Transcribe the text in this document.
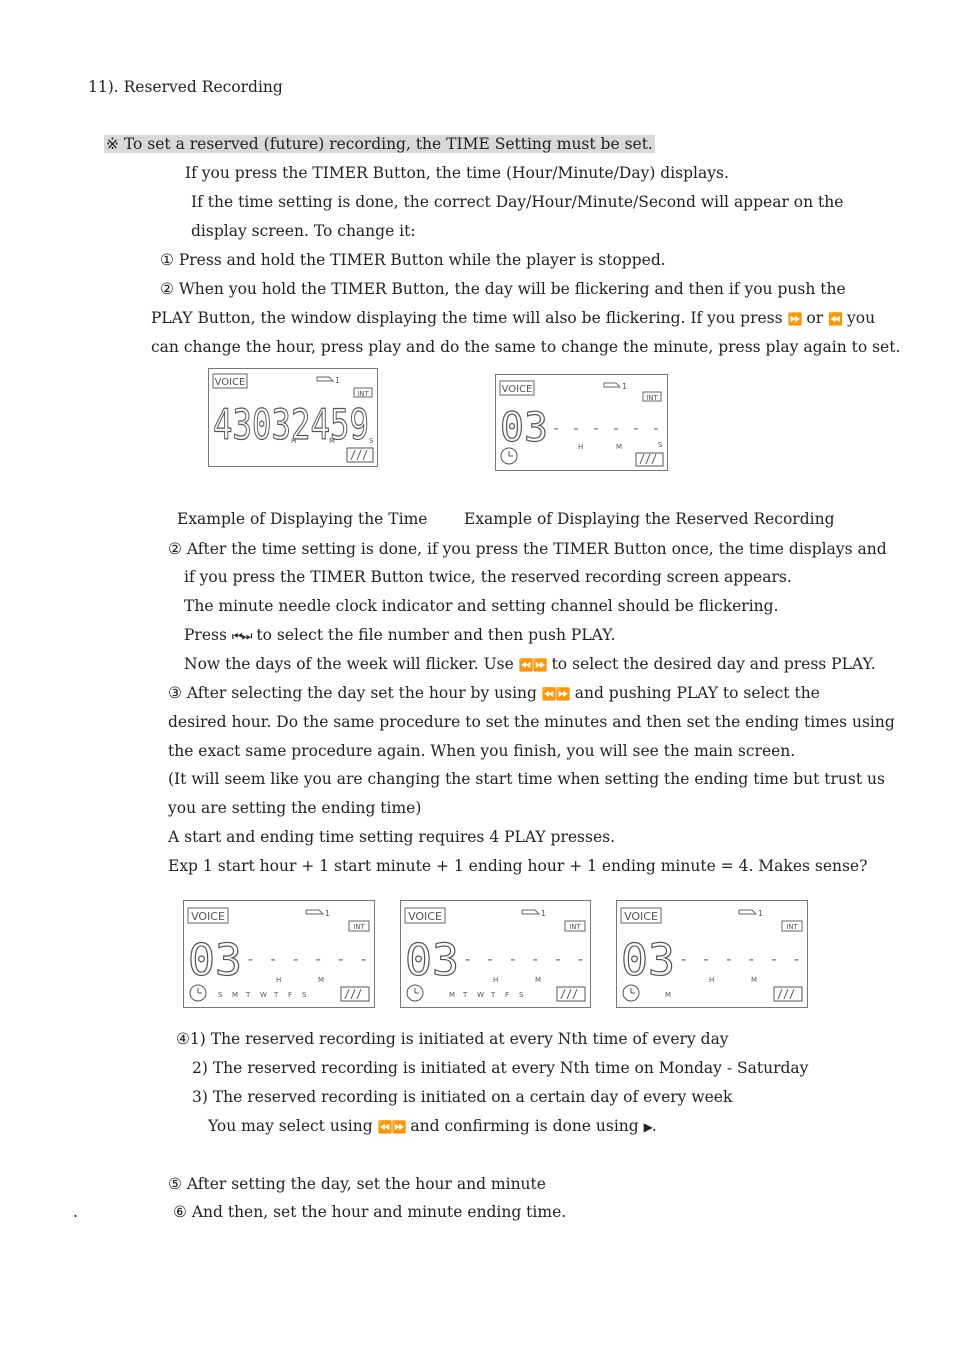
11). Reserved Recording
※ To set a reserved (future) recording, the TIME Setting must be set.
If you press the TIMER Button, the time (Hour/Minute/Day) displays.
If the time setting is done, the correct Day/Hour/Minute/Second will appear on the
display screen. To change it:
① Press and hold the TIMER Button while the player is stopped.
② When you hold the TIMER Button, the day will be flickering and then if you push the
PLAY Button, the window displaying the time will also be flickering. If you press ⏩ or ⏪ you
can change the hour, press play and do the same to change the minute, press play again to set.
VOICE	1
INT
43032459
H	M	S
VOICE	1
INT
03 ------
H	M	S
Example of Displaying the Time Example of Displaying the Reserved Recording
② After the time setting is done, if you press the TIMER Button once, the time displays and
if you press the TIMER Button twice, the reserved recording screen appears.
The minute needle clock indicator and setting channel should be flickering.
Press ⏮⏭ to select the file number and then push PLAY.
Now the days of the week will flicker. Use ⏪⏩ to select the desired day and press PLAY.
③ After selecting the day set the hour by using ⏪⏩ and pushing PLAY to select the
desired hour. Do the same procedure to set the minutes and then set the ending times using
the exact same procedure again. When you finish, you will see the main screen.
(It will seem like you are changing the start time when setting the ending time but trust us
you are setting the ending time)
A start and ending time setting requires 4 PLAY presses.
Exp 1 start hour + 1 start minute + 1 ending hour + 1 ending minute = 4. Makes sense?
VOICE	1
INT
03 ------
H	M
S M T W T F S
VOICE	1
INT
03 ------
H	M
M T W T F S
VOICE	1
INT
03 ------
H	M
M
④1) The reserved recording is initiated at every Nth time of every day
2) The reserved recording is initiated at every Nth time on Monday - Saturday
3) The reserved recording is initiated on a certain day of every week
You may select using ⏪⏩ and confirming is done using ▶.
⑤ After setting the day, set the hour and minute
.	⑥ And then, set the hour and minute ending time.
